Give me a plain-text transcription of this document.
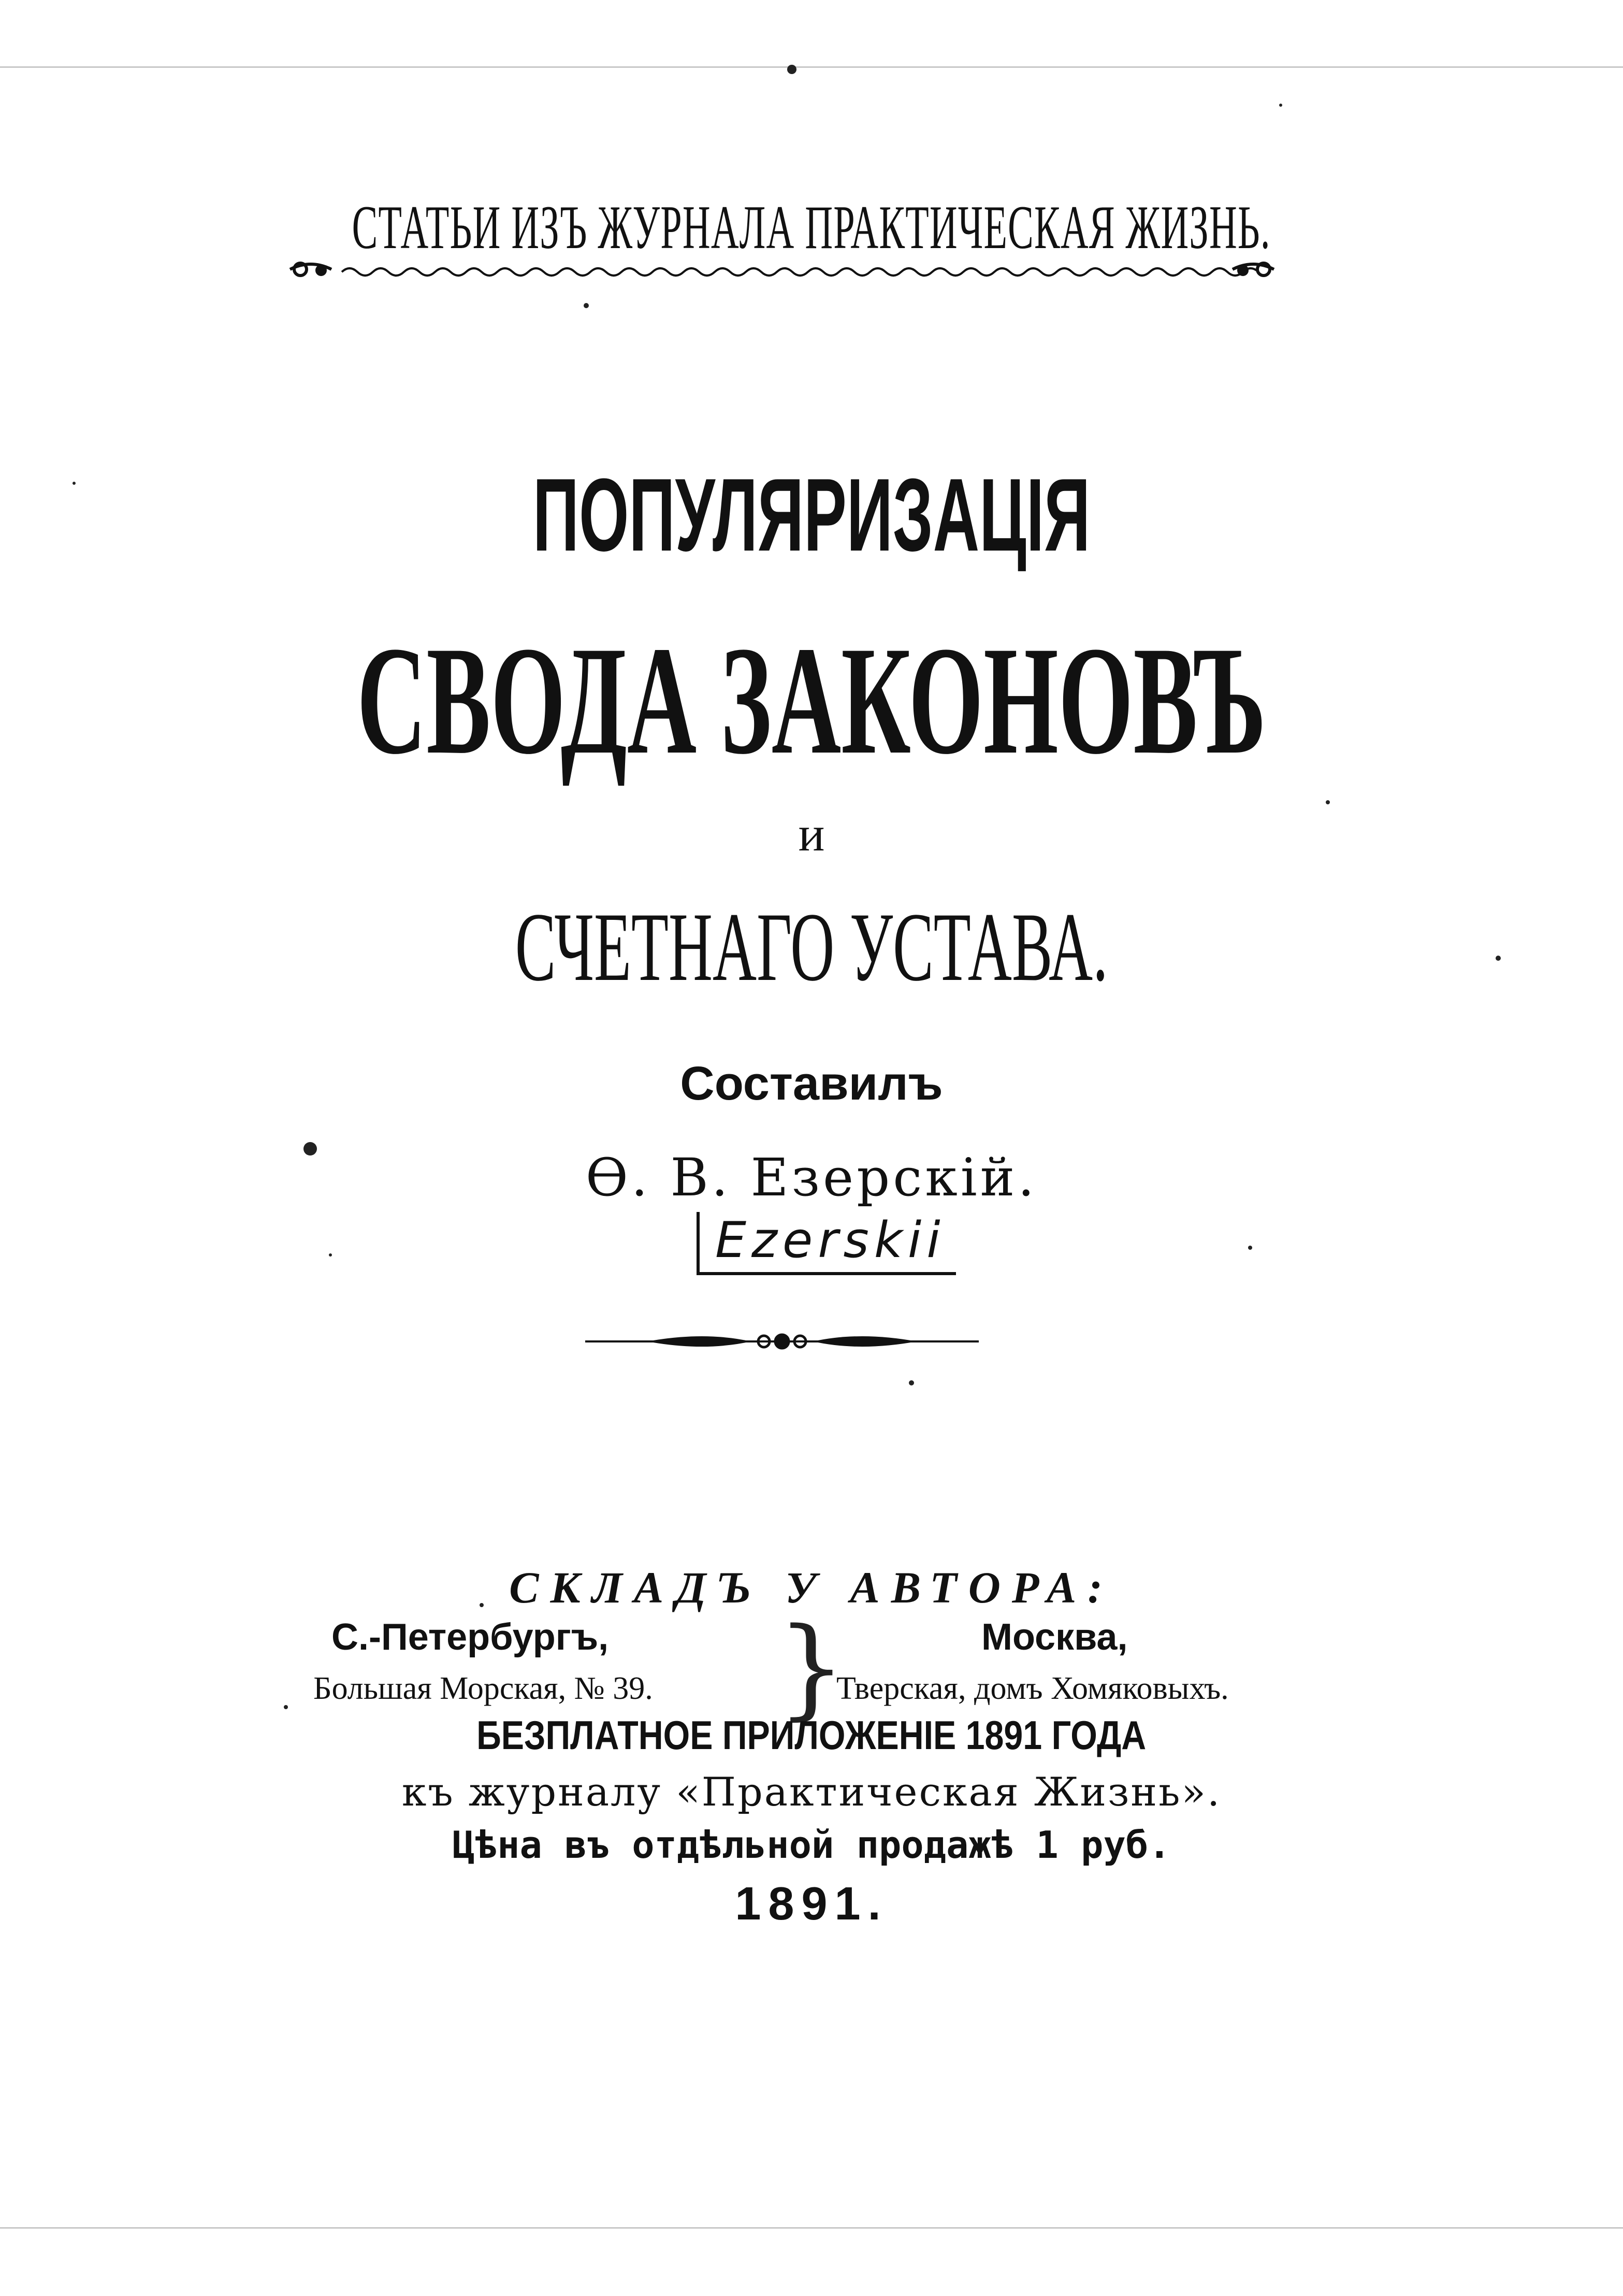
СТАТЬИ ИЗЪ ЖУРНАЛА ПРАКТИЧЕСКАЯ ЖИЗНЬ.
ПОПУЛЯРИЗАЦІЯ
СВОДА ЗАКОНОВЪ
и
СЧЕТНАГО УСТАВА.
Составилъ
Ѳ. В. Езерскій.
Ezerskii
СКЛАДЪ У АВТОРА:
С.-Петербургъ,
Большая Морская, № 39. }	Москва,
Тверская, домъ Хомяковыхъ.
БЕЗПЛАТНОЕ ПРИЛОЖЕНІЕ 1891 ГОДА
къ журналу «Практическая Жизнь».
Цѣна въ отдѣльной продажѣ 1 руб.
1891.
